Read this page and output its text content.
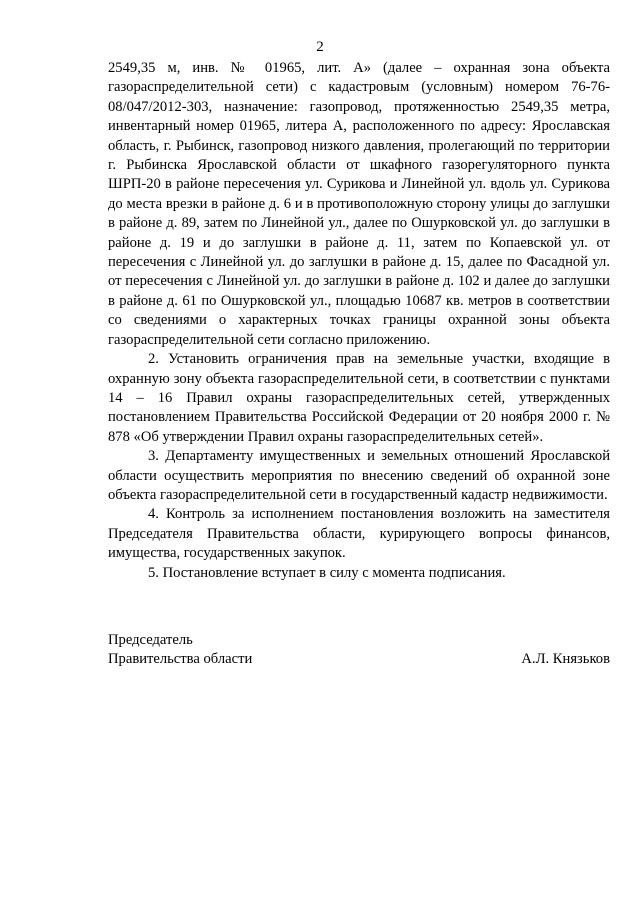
2

2549,35 м, инв. № 01965, лит. А» (далее – охранная зона объекта газораспределительной сети) с кадастровым (условным) номером 76-76-08/047/2012-303, назначение: газопровод, протяженностью 2549,35 метра, инвентарный номер 01965, литера А, расположенного по адресу: Ярославская область, г. Рыбинск, газопровод низкого давления, пролегающий по территории г. Рыбинска Ярославской области от шкафного газорегуляторного пункта ШРП-20 в районе пересечения ул. Сурикова и Линейной ул. вдоль ул. Сурикова до места врезки в районе д. 6 и в противоположную сторону улицы до заглушки в районе д. 89, затем по Линейной ул., далее по Ошурковской ул. до заглушки в районе д. 19 и до заглушки в районе д. 11, затем по Копаевской ул. от пересечения с Линейной ул. до заглушки в районе д. 15, далее по Фасадной ул. от пересечения с Линейной ул. до заглушки в районе д. 102 и далее до заглушки в районе д. 61 по Ошурковской ул., площадью 10687 кв. метров в соответствии со сведениями о характерных точках границы охранной зоны объекта газораспределительной сети согласно приложению.

2. Установить ограничения прав на земельные участки, входящие в охранную зону объекта газораспределительной сети, в соответствии с пунктами 14 – 16 Правил охраны газораспределительных сетей, утвержденных постановлением Правительства Российской Федерации от 20 ноября 2000 г. № 878 «Об утверждении Правил охраны газораспределительных сетей».

3. Департаменту имущественных и земельных отношений Ярославской области осуществить мероприятия по внесению сведений об охранной зоне объекта газораспределительной сети в государственный кадастр недвижимости.

4. Контроль за исполнением постановления возложить на заместителя Председателя Правительства области, курирующего вопросы финансов, имущества, государственных закупок.

5. Постановление вступает в силу с момента подписания.

Председатель
Правительства области	А.Л. Князьков
